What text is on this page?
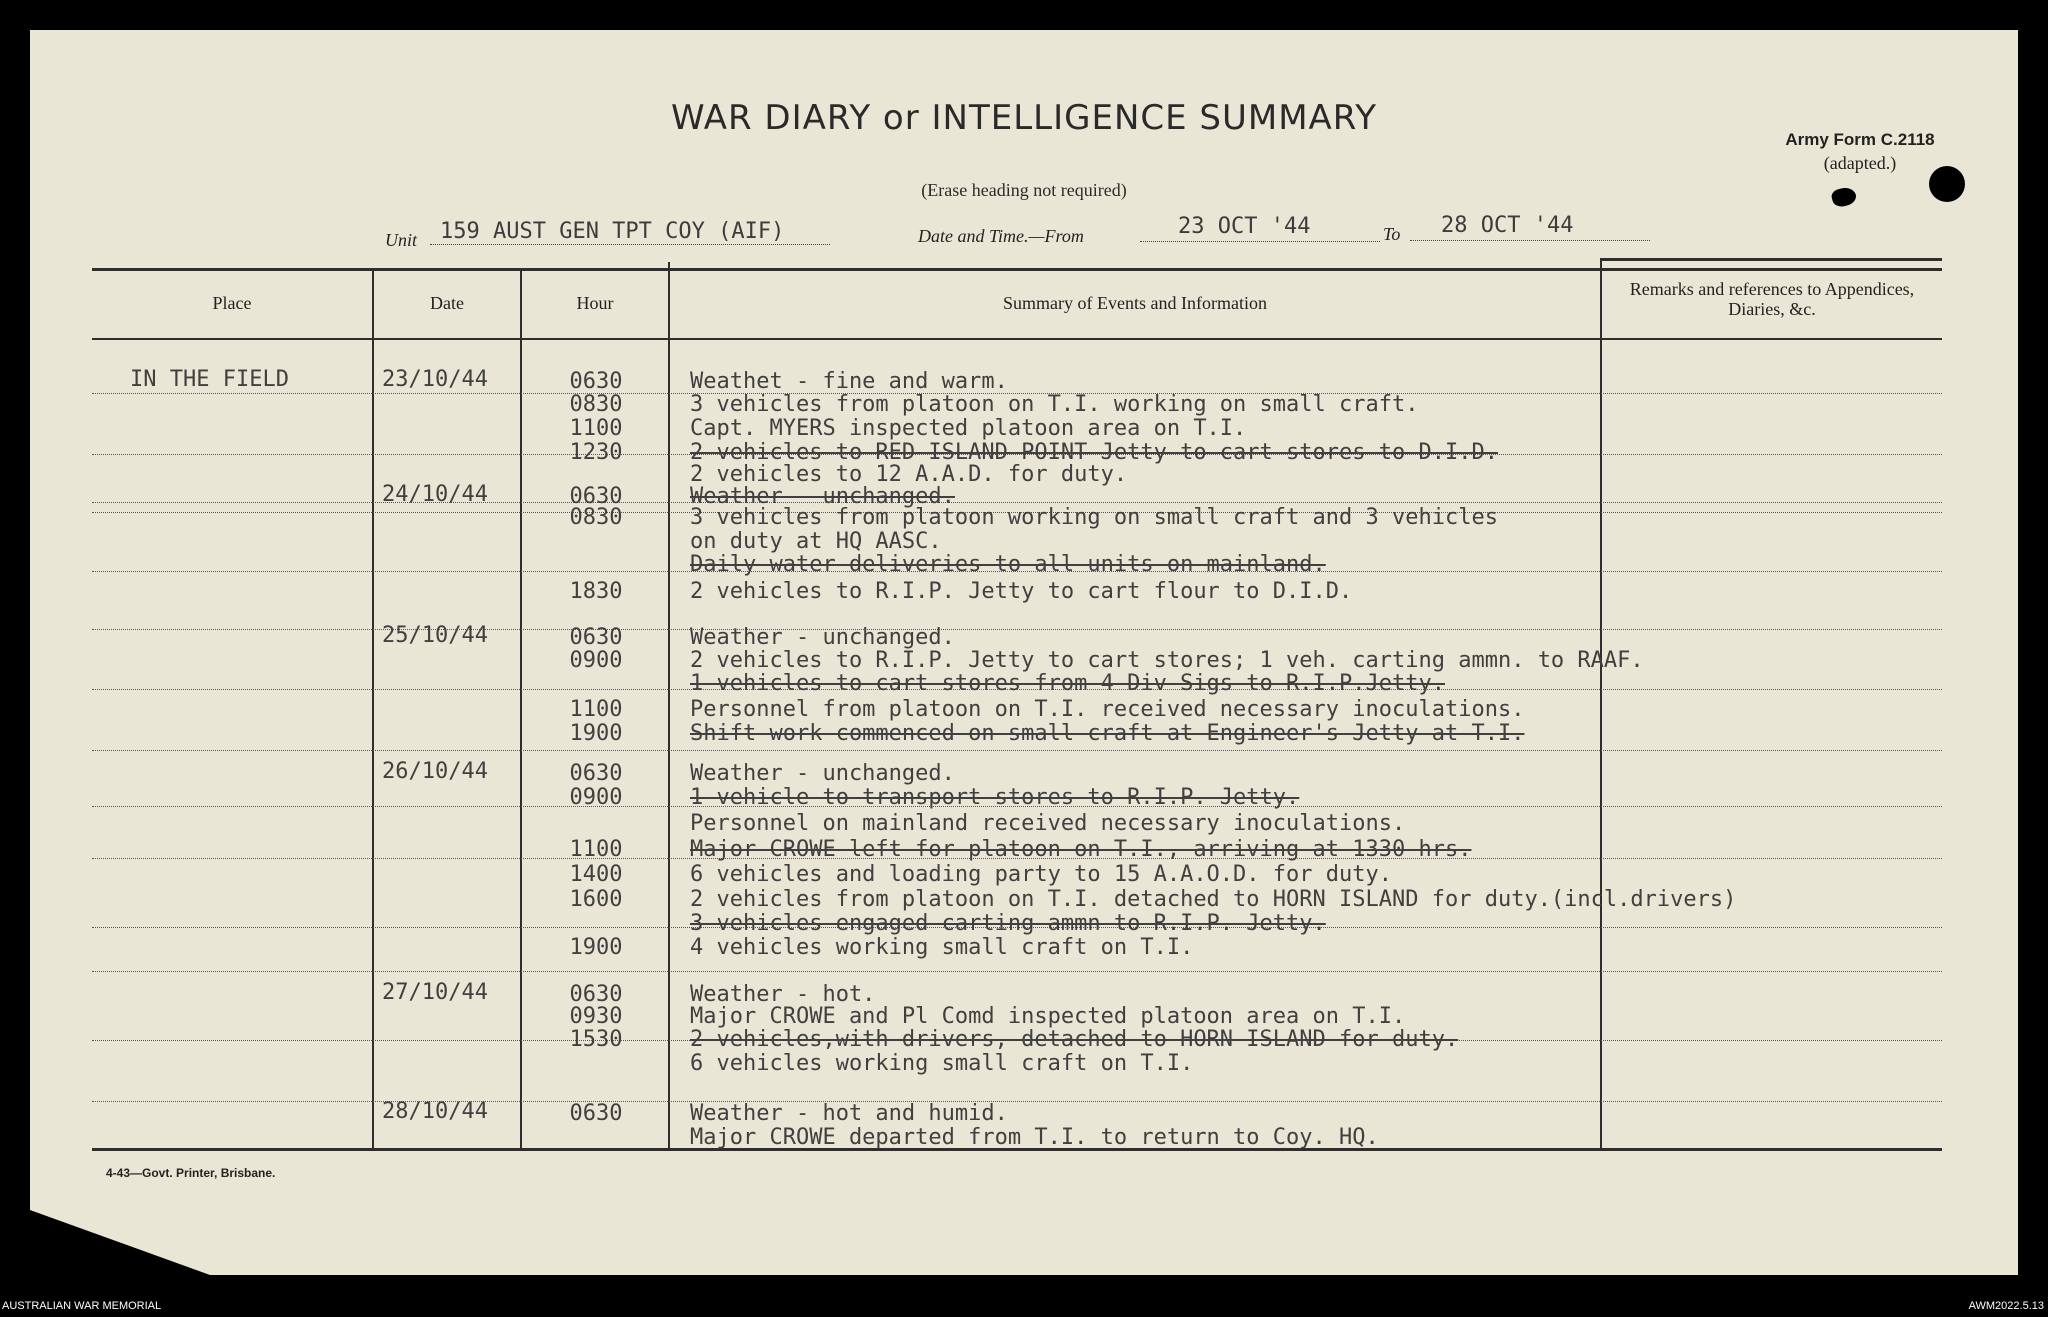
WAR DIARY or INTELLIGENCE SUMMARY
(Erase heading not required)
Army Form C.2118
(adapted.)
Unit 159 AUST GEN TPT COY (AIF)	Date and Time.—From	23 OCT '44	To 28 OCT '44
Place	Date	Hour	Summary of Events and Information
Remarks and references to Appendices, Diaries, &c.
IN THE FIELD	23/10/44	0630	Weathet - fine and warm.
0830	3 vehicles from platoon on T.I. working on small craft.
1100	Capt. MYERS inspected platoon area on T.I.
1230	2 vehicles to RED ISLAND POINT Jetty to cart stores to D.I.D.
2 vehicles to 12 A.A.D. for duty.
24/10/44	0630	Weather - unchanged.
0830	3 vehicles from platoon working on small craft and 3 vehicles
on duty at HQ AASC.
Daily water deliveries to all units on mainland.
1830	2 vehicles to R.I.P. Jetty to cart flour to D.I.D.
25/10/44	0630	Weather - unchanged.
0900	2 vehicles to R.I.P. Jetty to cart stores; 1 veh. carting ammn. to RAAF.
1 vehicles to cart stores from 4 Div Sigs to R.I.P.Jetty.
1100	Personnel from platoon on T.I. received necessary inoculations.
1900	Shift work commenced on small craft at Engineer's Jetty at T.I.
26/10/44	0630	Weather - unchanged.
0900	1 vehicle to transport stores to R.I.P. Jetty.
Personnel on mainland received necessary inoculations.
1100	Major CROWE left for platoon on T.I., arriving at 1330 hrs.
1400	6 vehicles and loading party to 15 A.A.O.D. for duty.
1600	2 vehicles from platoon on T.I. detached to HORN ISLAND for duty.(incl.drivers)
3 vehicles engaged carting ammn to R.I.P. Jetty.
1900	4 vehicles working small craft on T.I.
27/10/44	0630	Weather - hot.
0930	Major CROWE and Pl Comd inspected platoon area on T.I.
1530	2 vehicles,with drivers, detached to HORN ISLAND for duty.
6 vehicles working small craft on T.I.
28/10/44	0630	Weather - hot and humid.
Major CROWE departed from T.I. to return to Coy. HQ.
4-43—Govt. Printer, Brisbane.
AUSTRALIAN WAR MEMORIAL	AWM2022.5.13
